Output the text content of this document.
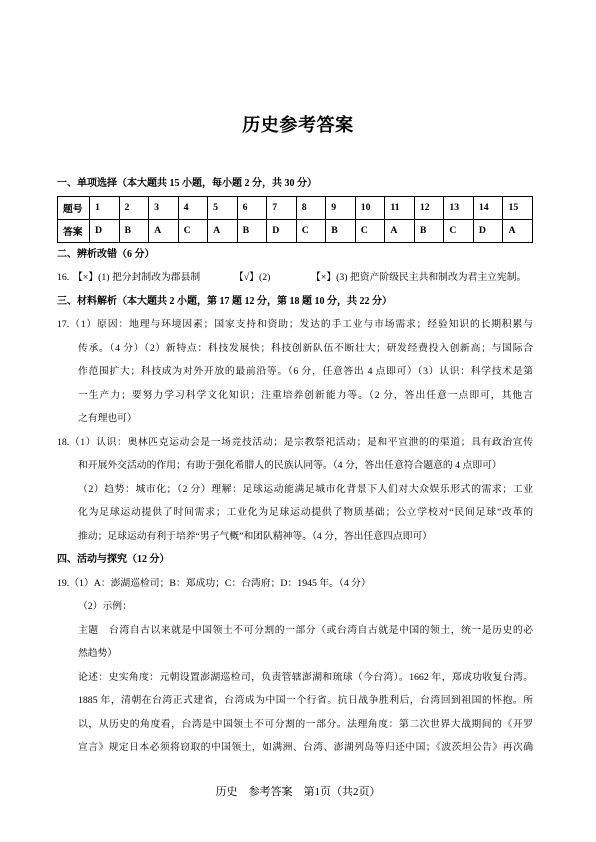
历史参考答案
一、单项选择（本大题共 15 小题，每小题 2 分，共 30 分）
题号	1	2	3	4	5	6	7	8	9	10	11	12	13	14	15
答案	D	B	A	C	A	B	D	C	B	C	A	B	C	D	A
二、辨析改错（6 分）
16. 【×】(1) 把分封制改为郡县制	【√】(2)	【×】(3) 把资产阶级民主共和制改为君主立宪制。
三、材料解析（本大题共 2 小题，第 17 题 12 分，第 18 题 10 分，共 22 分）
17.（1）原因：地理与环境因素；国家支持和资助；发达的手工业与市场需求；经验知识的长期积累与
传承。（4 分）（2）新特点：科技发展快；科技创新队伍不断壮大；研发经费投入创新高；与国际合
作范围扩大；科技成为对外开放的最前沿等。（6 分，任意答出 4 点即可）（3）认识：科学技术是第
一生产力；要努力学习科学文化知识；注重培养创新能力等。（2 分，答出任意一点即可，其他言
之有理也可）
18.（1）认识：奥林匹克运动会是一场竞技活动；是宗教祭祀活动；是和平宣泄的的渠道；具有政治宣传
和开展外交活动的作用；有助于强化希腊人的民族认同等。（4 分，答出任意符合题意的 4 点即可）
（2）趋势：城市化；（2 分）理解：足球运动能满足城市化背景下人们对大众娱乐形式的需求；工业
化为足球运动提供了时间需求；工业化为足球运动提供了物质基础；公立学校对“民间足球”改革的
推动；足球运动有利于培养“男子气概”和团队精神等。（4 分，答出任意四点即可）
四、活动与探究（12 分）
19.（1）A：澎湖巡检司；B：郑成功；C：台湾府；D：1945 年。（4 分）
（2）示例：
主题　台湾自古以来就是中国领土不可分割的一部分（或台湾自古就是中国的领土，统一是历史的必
然趋势）
论述：史实角度：元朝设置澎湖巡检司，负责管辖澎湖和琉球（今台湾）。1662 年，郑成功收复台湾。
1885 年，清朝在台湾正式建省，台湾成为中国一个行省。抗日战争胜利后，台湾回到祖国的怀抱。所
以，从历史的角度看，台湾是中国领土不可分割的一部分。法理角度：第二次世界大战期间的《开罗
宣言》规定日本必须将窃取的中国领土，如满洲、台湾、澎湖列岛等归还中国；《波茨坦公告》再次确
历史　参考答案　第1页（共2页）
